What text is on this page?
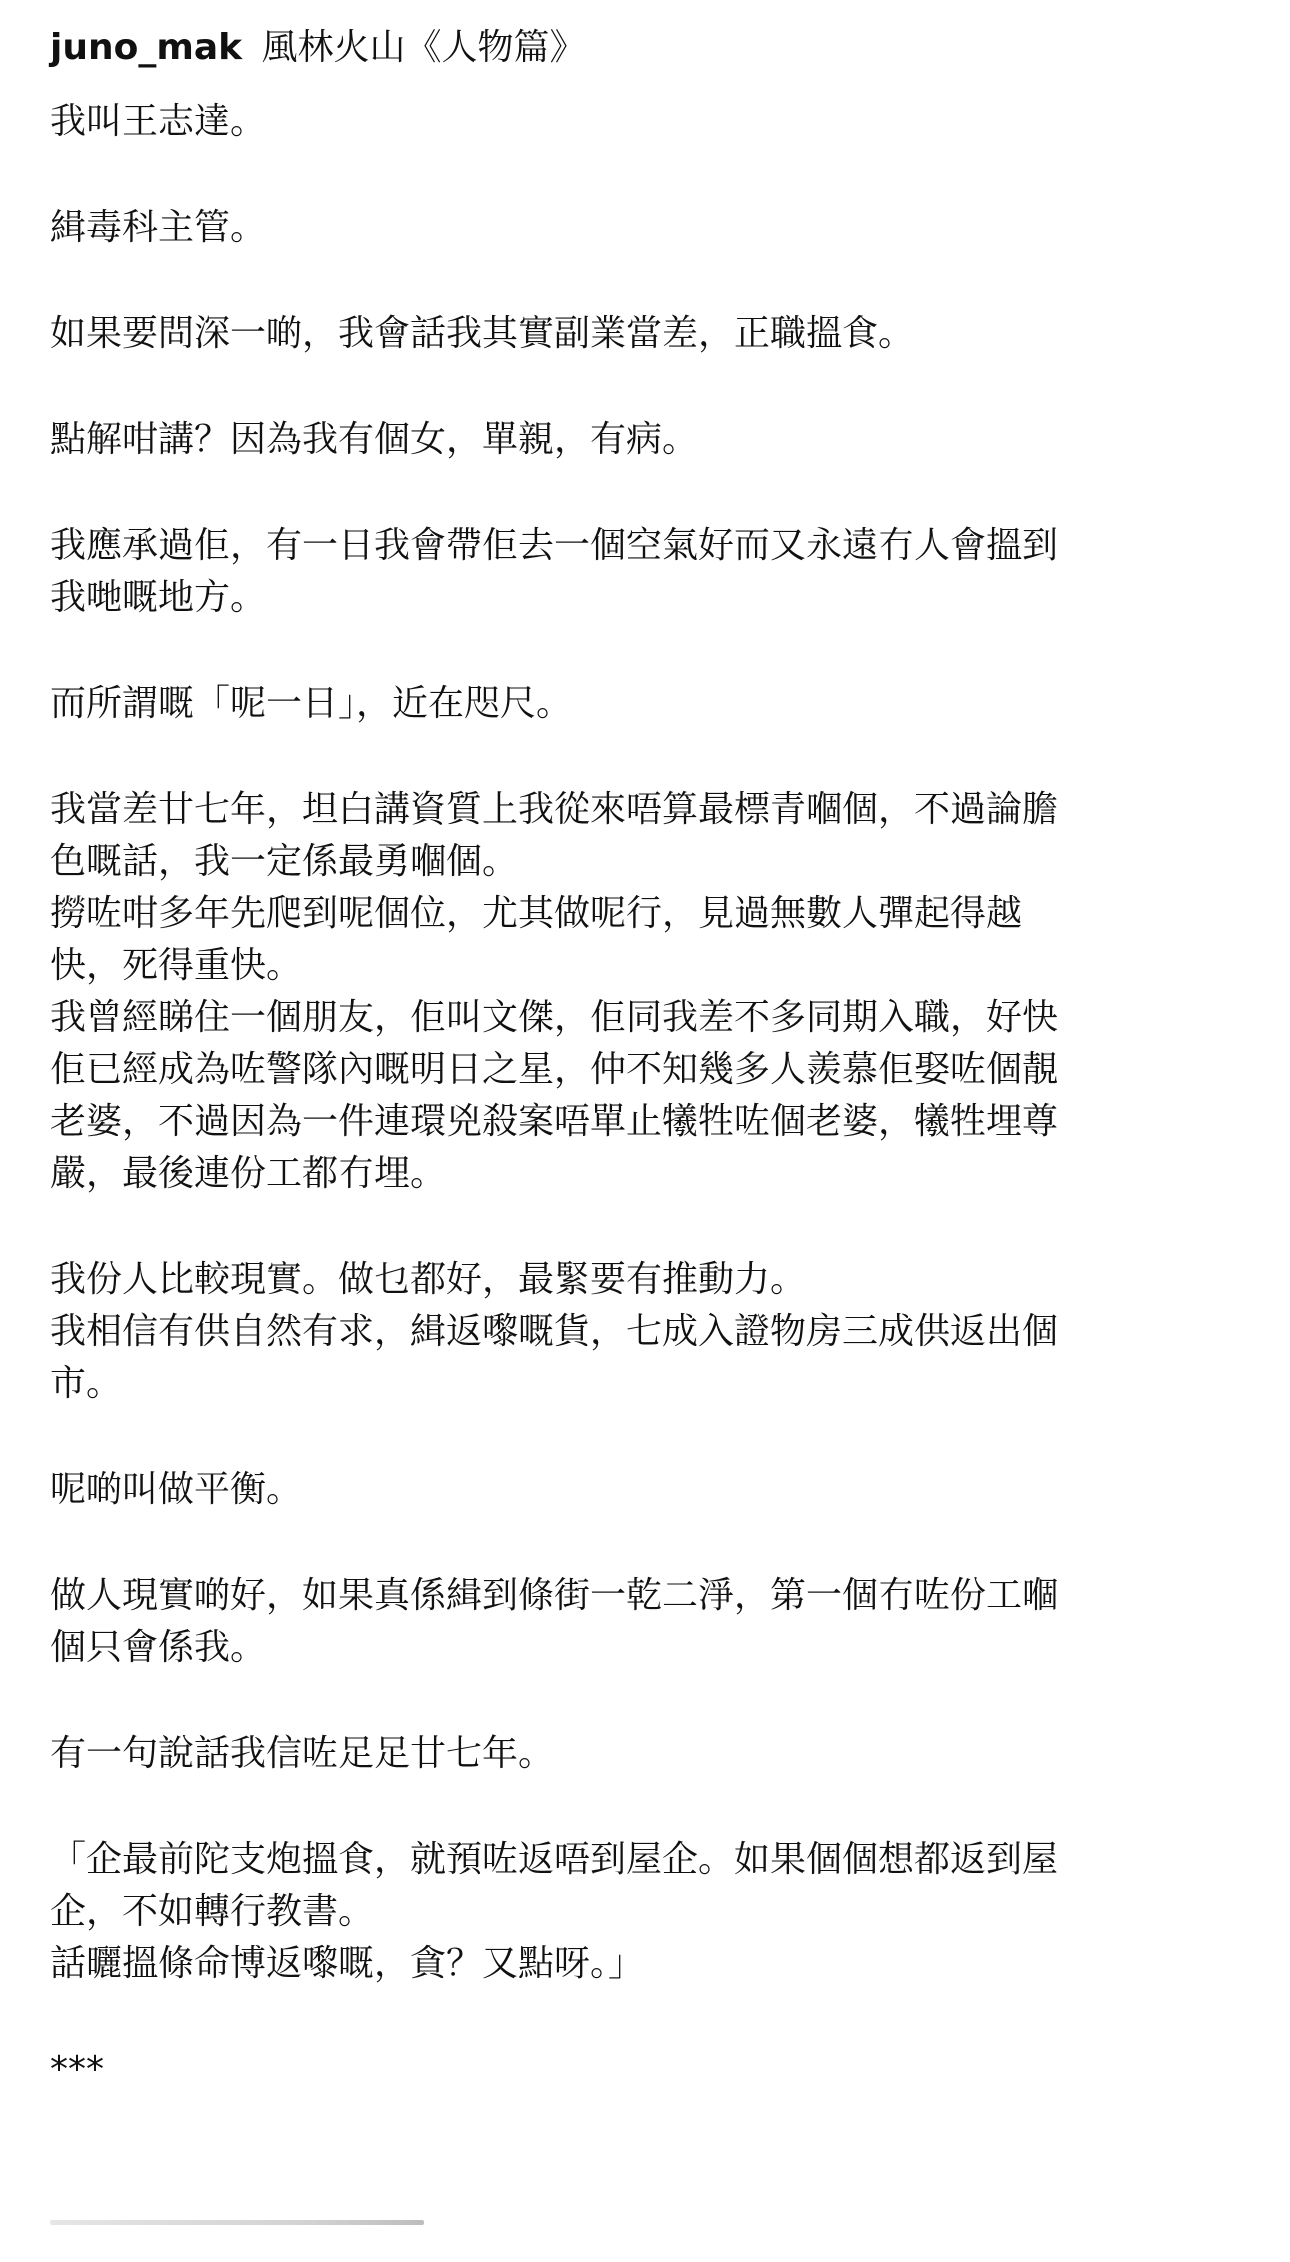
juno_mak 風林火山《人物篇》
我叫王志達。
緝毒科主管。
如果要問深一啲，我會話我其實副業當差，正職搵食。
點解咁講？因為我有個女，單親，有病。
我應承過佢，有一日我會帶佢去一個空氣好而又永遠冇人會搵到
我哋嘅地方。
而所謂嘅「呢一日」，近在咫尺。
我當差廿七年，坦白講資質上我從來唔算最標青嗰個，不過論膽
色嘅話，我一定係最勇嗰個。
撈咗咁多年先爬到呢個位，尤其做呢行，見過無數人彈起得越
快，死得重快。
我曾經睇住一個朋友，佢叫文傑，佢同我差不多同期入職，好快
佢已經成為咗警隊內嘅明日之星，仲不知幾多人羨慕佢娶咗個靚
老婆，不過因為一件連環兇殺案唔單止犧牲咗個老婆，犧牲埋尊
嚴，最後連份工都冇埋。
我份人比較現實。做乜都好，最緊要有推動力。
我相信有供自然有求，緝返嚟嘅貨，七成入證物房三成供返出個
市。
呢啲叫做平衡。
做人現實啲好，如果真係緝到條街一乾二淨，第一個冇咗份工嗰
個只會係我。
有一句說話我信咗足足廿七年。
「企最前陀支炮搵食，就預咗返唔到屋企。如果個個想都返到屋
企，不如轉行教書。
話曬搵條命博返嚟嘅，貪？又點呀。」
***
